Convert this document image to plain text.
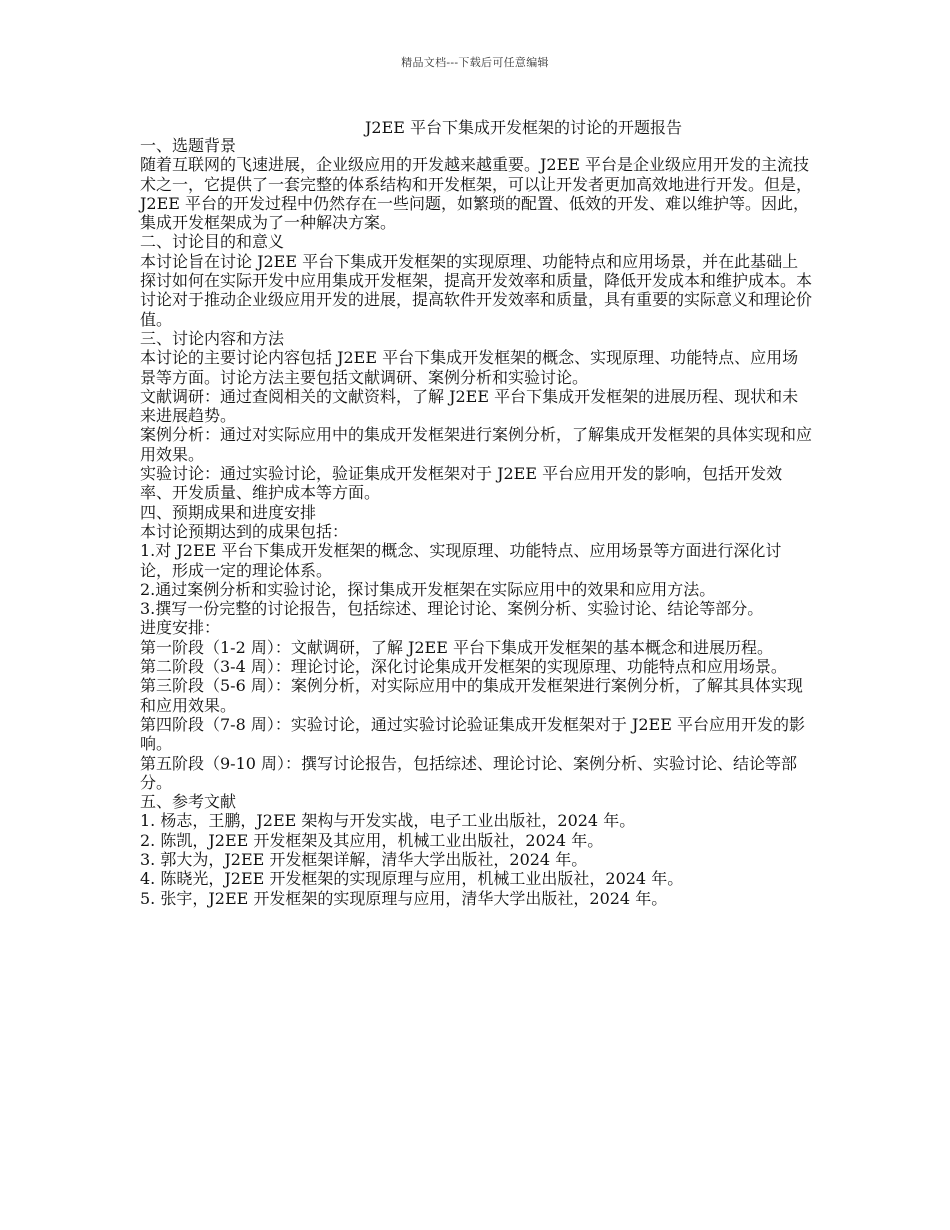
精品文档---下载后可任意编辑
J2EE 平台下集成开发框架的讨论的开题报告

一、选题背景

随着互联网的飞速进展，企业级应用的开发越来越重要。J2EE 平台是企业级应用开发的主流技术之一，它提供了一套完整的体系结构和开发框架，可以让开发者更加高效地进行开发。但是，J2EE 平台的开发过程中仍然存在一些问题，如繁琐的配置、低效的开发、难以维护等。因此，集成开发框架成为了一种解决方案。

二、讨论目的和意义

本讨论旨在讨论 J2EE 平台下集成开发框架的实现原理、功能特点和应用场景，并在此基础上探讨如何在实际开发中应用集成开发框架，提高开发效率和质量，降低开发成本和维护成本。本讨论对于推动企业级应用开发的进展，提高软件开发效率和质量，具有重要的实际意义和理论价值。

三、讨论内容和方法

本讨论的主要讨论内容包括 J2EE 平台下集成开发框架的概念、实现原理、功能特点、应用场景等方面。讨论方法主要包括文献调研、案例分析和实验讨论。

文献调研：通过查阅相关的文献资料，了解 J2EE 平台下集成开发框架的进展历程、现状和未来进展趋势。

案例分析：通过对实际应用中的集成开发框架进行案例分析，了解集成开发框架的具体实现和应用效果。

实验讨论：通过实验讨论，验证集成开发框架对于 J2EE 平台应用开发的影响，包括开发效率、开发质量、维护成本等方面。

四、预期成果和进度安排

本讨论预期达到的成果包括：

1.对 J2EE 平台下集成开发框架的概念、实现原理、功能特点、应用场景等方面进行深化讨论，形成一定的理论体系。

2.通过案例分析和实验讨论，探讨集成开发框架在实际应用中的效果和应用方法。

3.撰写一份完整的讨论报告，包括综述、理论讨论、案例分析、实验讨论、结论等部分。

进度安排：

第一阶段（1-2 周）：文献调研，了解 J2EE 平台下集成开发框架的基本概念和进展历程。

第二阶段（3-4 周）：理论讨论，深化讨论集成开发框架的实现原理、功能特点和应用场景。

第三阶段（5-6 周）：案例分析，对实际应用中的集成开发框架进行案例分析，了解其具体实现和应用效果。

第四阶段（7-8 周）：实验讨论，通过实验讨论验证集成开发框架对于 J2EE 平台应用开发的影响。

第五阶段（9-10 周）：撰写讨论报告，包括综述、理论讨论、案例分析、实验讨论、结论等部分。

五、参考文献

1. 杨志，王鹏，J2EE 架构与开发实战，电子工业出版社，2024 年。

2. 陈凯，J2EE 开发框架及其应用，机械工业出版社，2024 年。

3. 郭大为，J2EE 开发框架详解，清华大学出版社，2024 年。

4. 陈晓光，J2EE 开发框架的实现原理与应用，机械工业出版社，2024 年。

5. 张宇，J2EE 开发框架的实现原理与应用，清华大学出版社，2024 年。
